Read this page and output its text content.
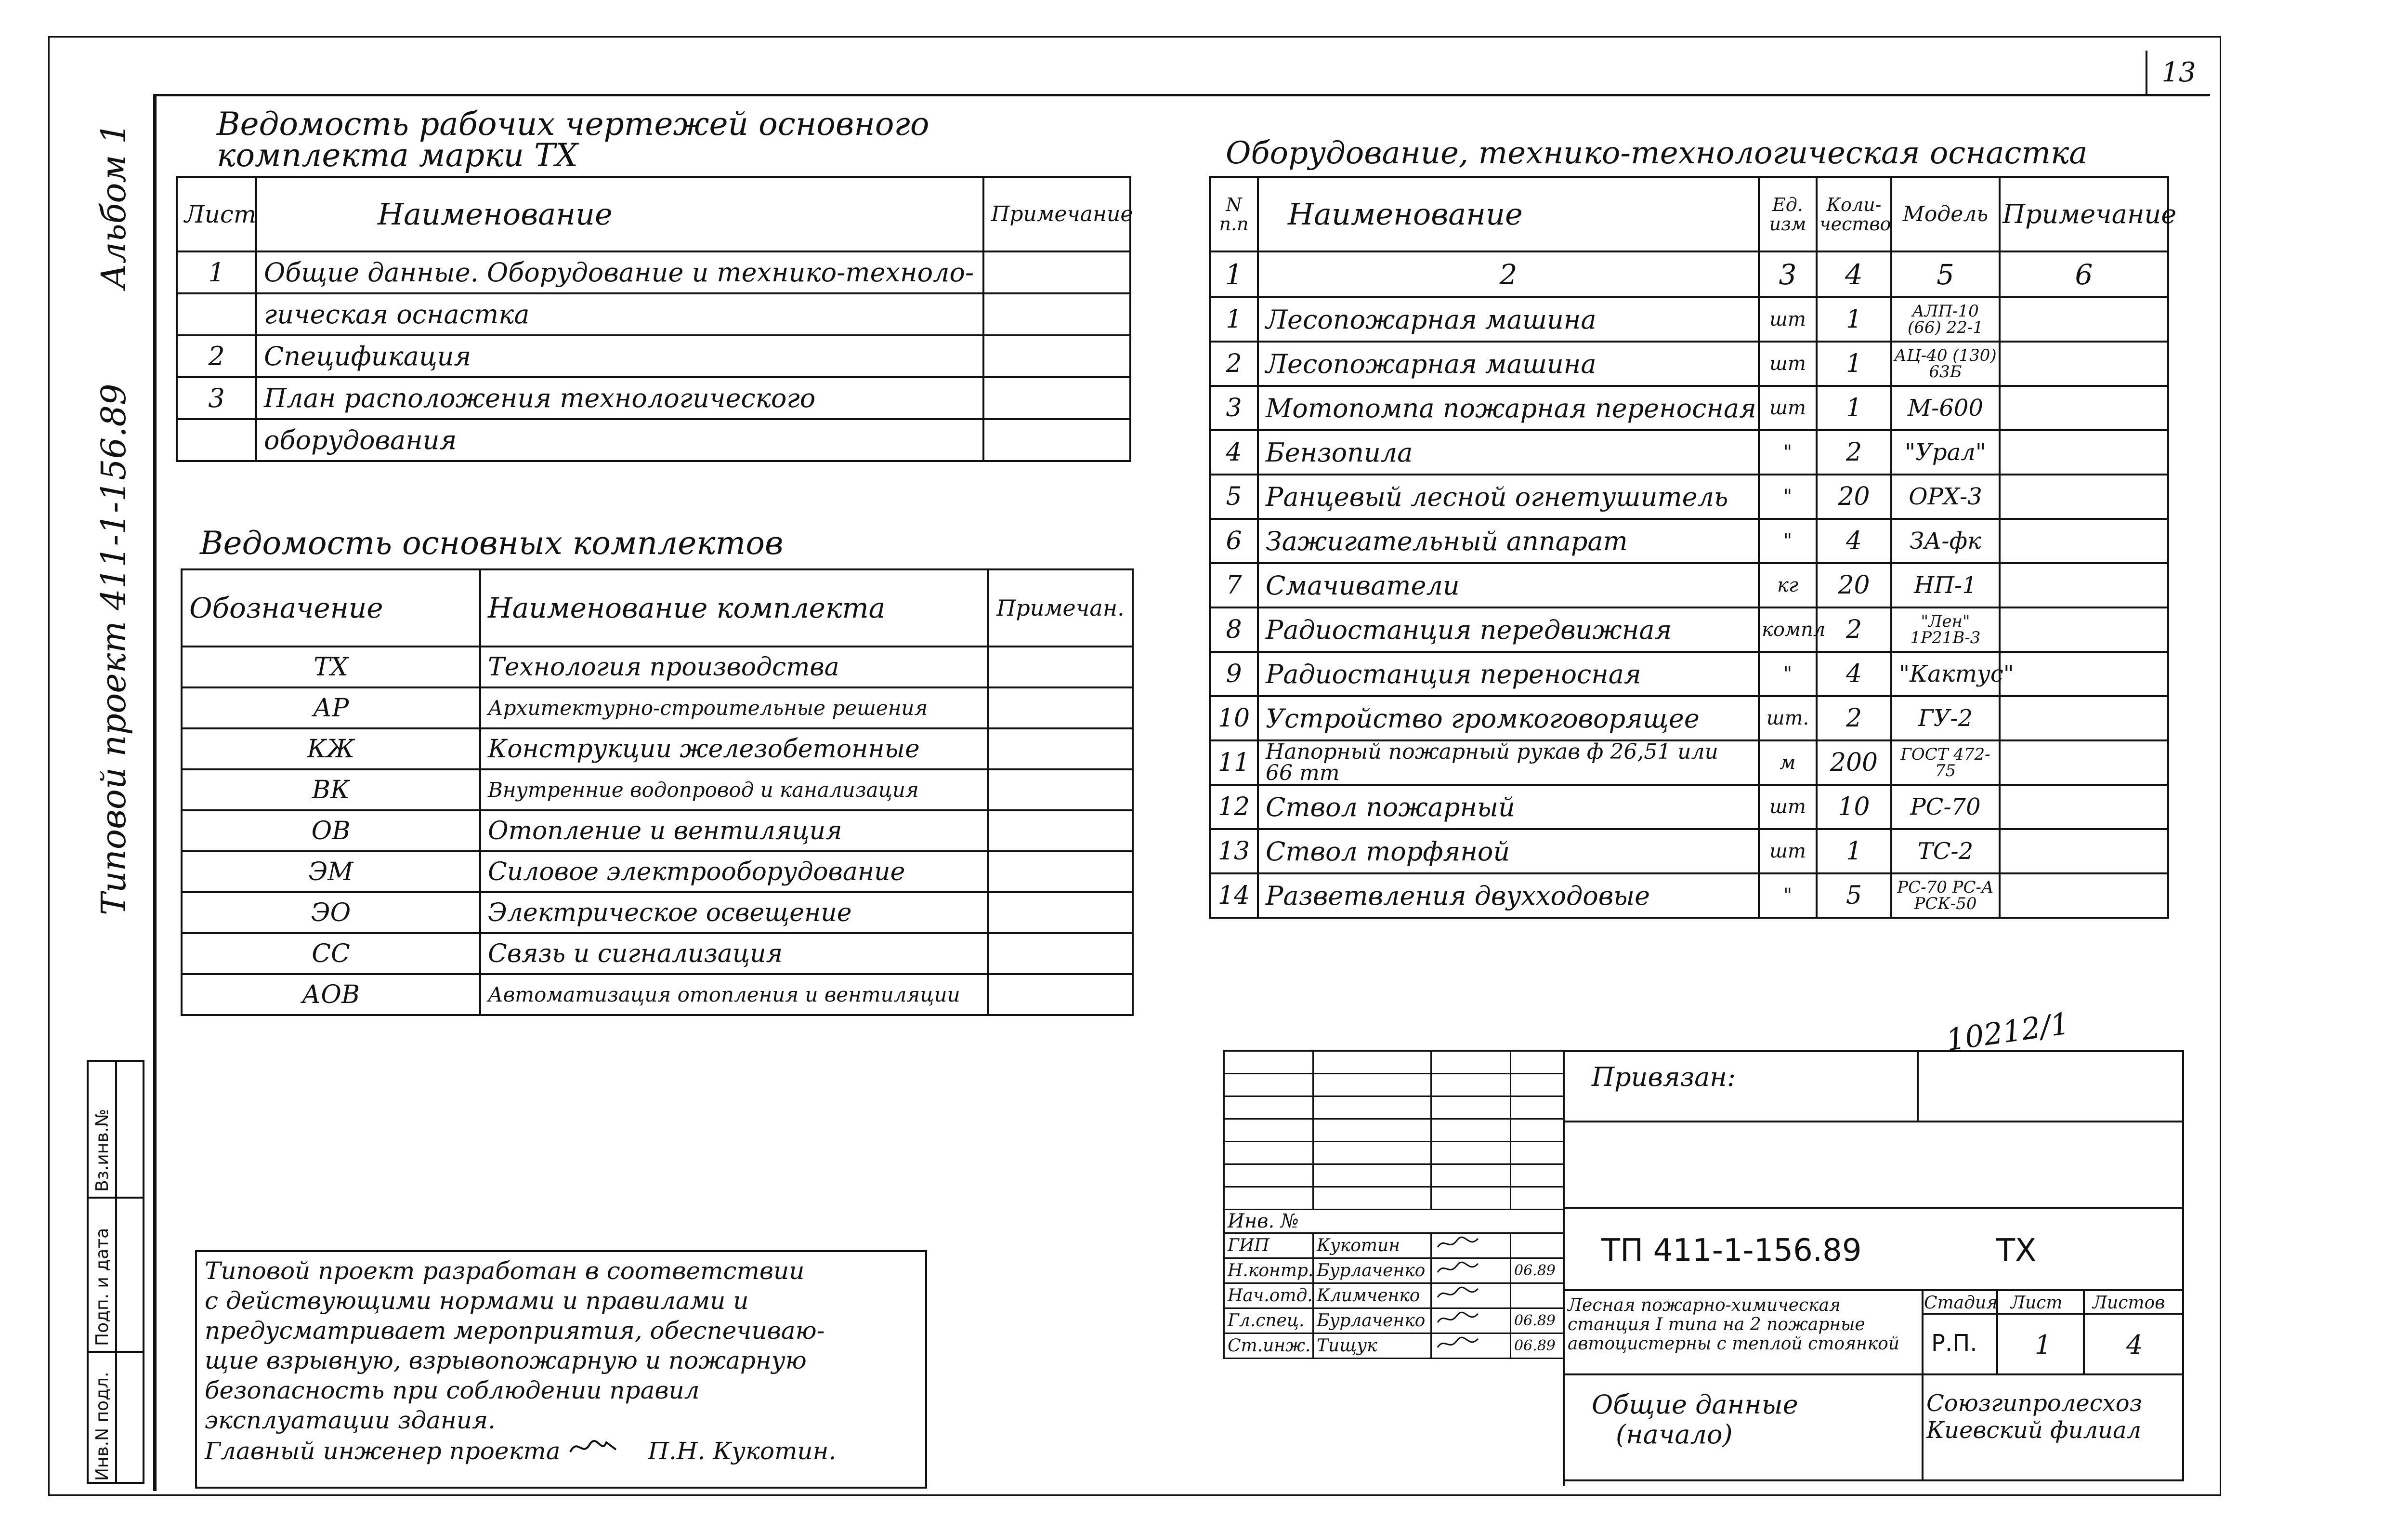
13
Альбом 1
Типовой проект 411-1-156.89
Инв.N подл.
Подп. и дата
Вз.инв.№
Ведомость рабочих чертежей основного
комплекта марки ТХ
Лист	Наименование	Примечание
1	Общие данные. Оборудование и технико-техноло-	
	гическая оснастка	
2	Спецификация	
3	План расположения технологического	
	оборудования	
Ведомость основных комплектов
Обозначение	Наименование комплекта	Примечан.
ТХ	Технология производства	
АР	Архитектурно-строительные решения	
КЖ	Конструкции железобетонные	
ВК	Внутренние водопровод и канализация	
ОВ	Отопление и вентиляция	
ЭМ	Силовое электрооборудование	
ЭО	Электрическое освещение	
СС	Связь и сигнализация	
АОВ	Автоматизация отопления и вентиляции	
Оборудование, технико-технологическая оснастка
N п.п	Наименование	Ед. изм	Коли-чество	Модель	Примечание
1	2	3	4	5	6
1	Лесопожарная машина	шт	1	АЛП-10 (66) 22-1	
2	Лесопожарная машина	шт	1	АЦ-40 (130) 63Б	
3	Мотопомпа пожарная переносная	шт	1	М-600	
4	Бензопила	"	2	"Урал"	
5	Ранцевый лесной огнетушитель	"	20	ОРХ-3	
6	Зажигательный аппарат	"	4	ЗА-фк	
7	Смачиватели	кг	20	НП-1	
8	Радиостанция передвижная	компл	2	"Лен" 1Р21В-3	
9	Радиостанция переносная	"	4	"Кактус"	
10	Устройство громкоговорящее	шт.	2	ГУ-2	
11	Напорный пожарный рукав ф 26,51 или 66 mm	м	200	ГОСТ 472-75	
12	Ствол пожарный	шт	10	РС-70	
13	Ствол торфяной	шт	1	ТС-2	
14	Разветвления двухходовые	"	5	РС-70 РС-А РСК-50	
10212/1
Типовой проект разработан в соответствии
с действующими нормами и правилами и
предусматривает мероприятия, обеспечиваю-
щие взрывную, взрывопожарную и пожарную
безопасность при соблюдении правил
эксплуатации здания.
Главный инженер проекта	П.Н. Кукотин.

Инв. №			
ГИП	Кукотин		
Н.контр.	Бурлаченко		06.89
Нач.отд.	Климченко		
Гл.спец.	Бурлаченко		06.89
Ст.инж.	Тищук		06.89
Привязан:
ТП 411-1-156.89	ТХ
Лесная пожарно-химическая
станция I типа на 2 пожарные
автоцистерны с теплой стоянкой
Стадия Лист Листов
Р.П. 1	4
Общие данные
(начало)
Союзгипролесхоз
Киевский филиал
